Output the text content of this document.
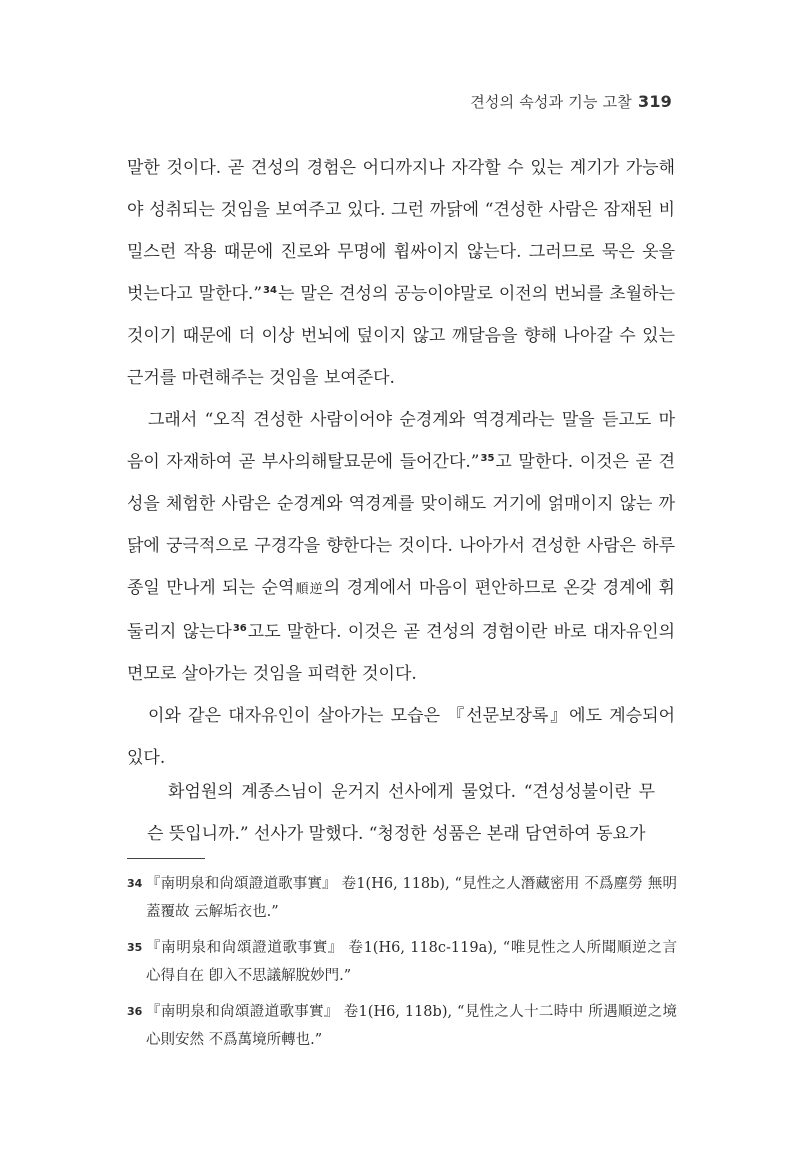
견성의 속성과 기능 고찰 319

말한 것이다. 곧 견성의 경험은 어디까지나 자각할 수 있는 계기가 가능해야 성취되는 것임을 보여주고 있다. 그런 까닭에 “견성한 사람은 잠재된 비밀스런 작용 때문에 진로와 무명에 휩싸이지 않는다. 그러므로 묵은 옷을 벗는다고 말한다.”$^{34}$는 말은 견성의 공능이야말로 이전의 번뇌를 초월하는 것이기 때문에 더 이상 번뇌에 덮이지 않고 깨달음을 향해 나아갈 수 있는 근거를 마련해주는 것임을 보여준다.

그래서 “오직 견성한 사람이어야 순경계와 역경계라는 말을 듣고도 마음이 자재하여 곧 부사의해탈묘문에 들어간다.”$^{35}$고 말한다. 이것은 곧 견성을 체험한 사람은 순경계와 역경계를 맞이해도 거기에 얽매이지 않는 까닭에 궁극적으로 구경각을 향한다는 것이다. 나아가서 견성한 사람은 하루 종일 만나게 되는 순역順逆의 경계에서 마음이 편안하므로 온갖 경계에 휘둘리지 않는다$^{36}$고도 말한다. 이것은 곧 견성의 경험이란 바로 대자유인의 면모로 살아가는 것임을 피력한 것이다.

이와 같은 대자유인이 살아가는 모습은 『선문보장록』에도 계승되어 있다.

화엄원의 계종스님이 운거지 선사에게 물었다. “견성성불이란 무슨 뜻입니까.” 선사가 말했다. “청정한 성품은 본래 담연하여 동요가

34 『南明泉和尙頌證道歌事實』 卷1(H6, 118b), “見性之人潛藏密用 不爲塵勞 無明蓋覆故 云解垢衣也.”
35 『南明泉和尙頌證道歌事實』 卷1(H6, 118c-119a), “唯見性之人所聞順逆之言 心得自在 卽入不思議解脫妙門.”
36 『南明泉和尙頌證道歌事實』 卷1(H6, 118b), “見性之人十二時中 所遇順逆之境 心則安然 不爲萬境所轉也.”
